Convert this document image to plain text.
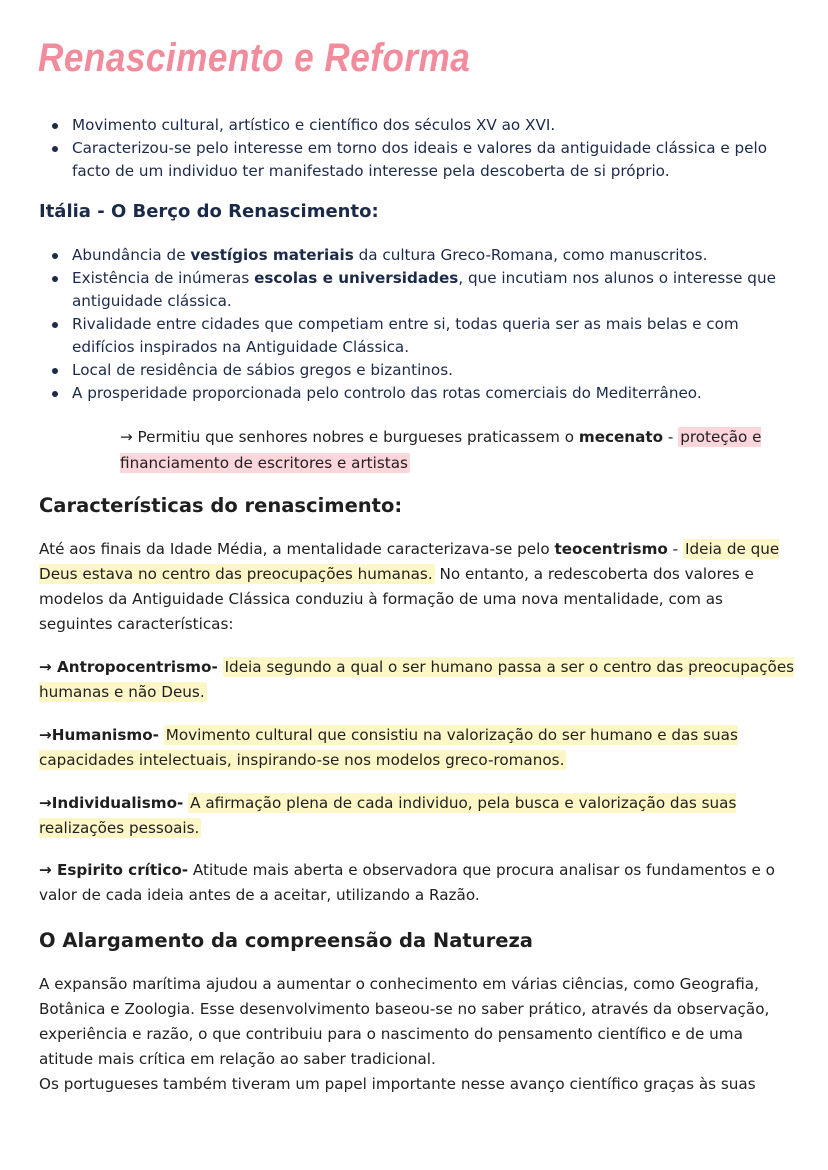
Renascimento e Reforma
Movimento cultural, artístico e científico dos séculos XV ao XVI.
Caracterizou-se pelo interesse em torno dos ideais e valores da antiguidade clássica e pelo facto de um individuo ter manifestado interesse pela descoberta de si próprio.
Itália - O Berço do Renascimento:
Abundância de vestígios materiais da cultura Greco-Romana, como manuscritos.
Existência de inúmeras escolas e universidades, que incutiam nos alunos o interesse que antiguidade clássica.
Rivalidade entre cidades que competiam entre si, todas queria ser as mais belas e com edifícios inspirados na Antiguidade Clássica.
Local de residência de sábios gregos e bizantinos.
A prosperidade proporcionada pelo controlo das rotas comerciais do Mediterrâneo.

→ Permitiu que senhores nobres e burgueses praticassem o mecenato - proteção e financiamento de escritores e artistas

Características do renascimento:

Até aos finais da Idade Média, a mentalidade caracterizava-se pelo teocentrismo - Ideia de que Deus estava no centro das preocupações humanas. No entanto, a redescoberta dos valores e modelos da Antiguidade Clássica conduziu à formação de uma nova mentalidade, com as seguintes características:

→ Antropocentrismo- Ideia segundo a qual o ser humano passa a ser o centro das preocupações humanas e não Deus.

→Humanismo- Movimento cultural que consistiu na valorização do ser humano e das suas capacidades intelectuais, inspirando-se nos modelos greco-romanos.

→Individualismo- A afirmação plena de cada individuo, pela busca e valorização das suas realizações pessoais.

→ Espirito crítico- Atitude mais aberta e observadora que procura analisar os fundamentos e o valor de cada ideia antes de a aceitar, utilizando a Razão.

O Alargamento da compreensão da Natureza

A expansão marítima ajudou a aumentar o conhecimento em várias ciências, como Geografia, Botânica e Zoologia. Esse desenvolvimento baseou-se no saber prático, através da observação, experiência e razão, o que contribuiu para o nascimento do pensamento científico e de uma atitude mais crítica em relação ao saber tradicional.

Os portugueses também tiveram um papel importante nesse avanço científico graças às suas
